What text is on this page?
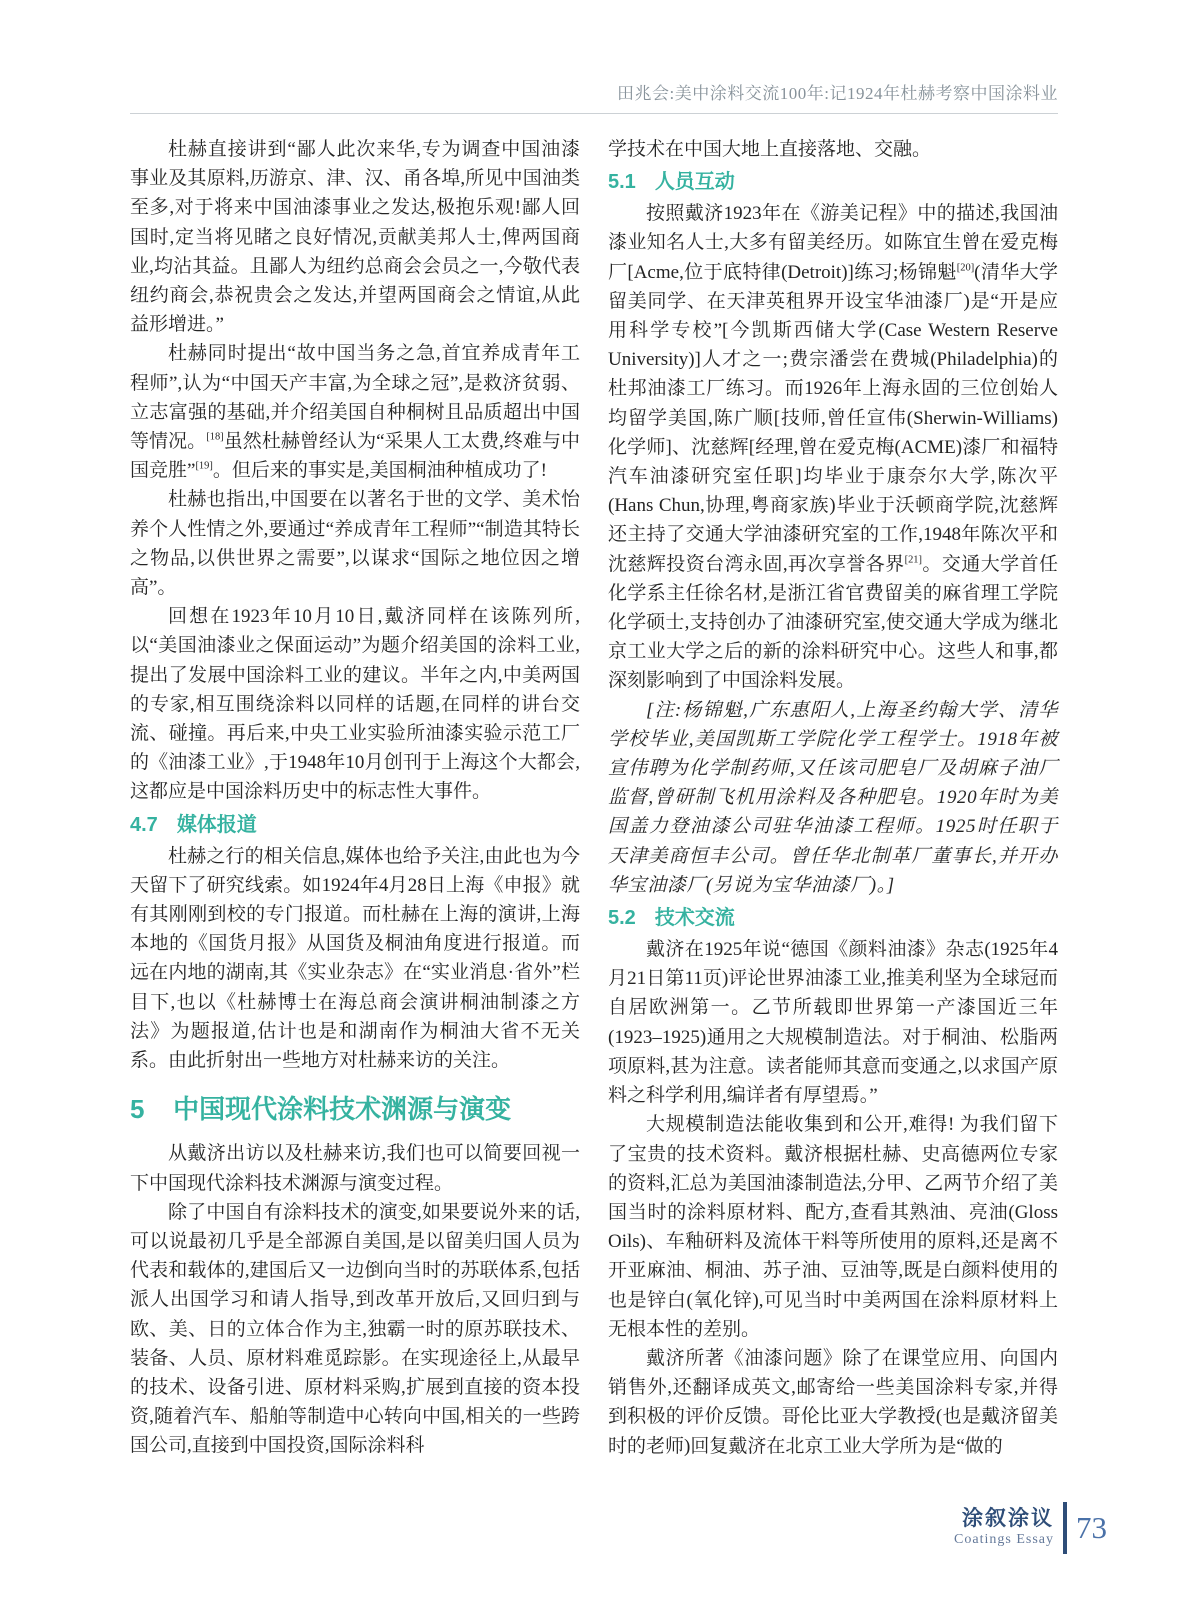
田兆会:美中涂料交流100年:记1924年杜赫考察中国涂料业

杜赫直接讲到“鄙人此次来华,专为调查中国油漆事业及其原料,历游京、津、汉、甬各埠,所见中国油类至多,对于将来中国油漆事业之发达,极抱乐观!鄙人回国时,定当将见睹之良好情况,贡献美邦人士,俾两国商业,均沾其益。且鄙人为纽约总商会会员之一,今敬代表纽约商会,恭祝贵会之发达,并望两国商会之情谊,从此益形增进。”

杜赫同时提出“故中国当务之急,首宜养成青年工程师”,认为“中国天产丰富,为全球之冠”,是救济贫弱、立志富强的基础,并介绍美国自种桐树且品质超出中国等情况。[18]虽然杜赫曾经认为“采果人工太费,终难与中国竞胜”[19]。但后来的事实是,美国桐油种植成功了!

杜赫也指出,中国要在以著名于世的文学、美术怡养个人性情之外,要通过“养成青年工程师”“制造其特长之物品,以供世界之需要”,以谋求“国际之地位因之增高”。

回想在1923年10月10日,戴济同样在该陈列所,以“美国油漆业之保面运动”为题介绍美国的涂料工业,提出了发展中国涂料工业的建议。半年之内,中美两国的专家,相互围绕涂料以同样的话题,在同样的讲台交流、碰撞。再后来,中央工业实验所油漆实验示范工厂的《油漆工业》,于1948年10月创刊于上海这个大都会,这都应是中国涂料历史中的标志性大事件。

4.7 媒体报道

杜赫之行的相关信息,媒体也给予关注,由此也为今天留下了研究线索。如1924年4月28日上海《申报》就有其刚刚到校的专门报道。而杜赫在上海的演讲,上海本地的《国货月报》从国货及桐油角度进行报道。而远在内地的湖南,其《实业杂志》在“实业消息·省外”栏目下,也以《杜赫博士在海总商会演讲桐油制漆之方法》为题报道,估计也是和湖南作为桐油大省不无关系。由此折射出一些地方对杜赫来访的关注。

5 中国现代涂料技术渊源与演变

从戴济出访以及杜赫来访,我们也可以简要回视一下中国现代涂料技术渊源与演变过程。

除了中国自有涂料技术的演变,如果要说外来的话,可以说最初几乎是全部源自美国,是以留美归国人员为代表和载体的,建国后又一边倒向当时的苏联体系,包括派人出国学习和请人指导,到改革开放后,又回归到与欧、美、日的立体合作为主,独霸一时的原苏联技术、装备、人员、原材料难觅踪影。在实现途径上,从最早的技术、设备引进、原材料采购,扩展到直接的资本投资,随着汽车、船舶等制造中心转向中国,相关的一些跨国公司,直接到中国投资,国际涂料科

学技术在中国大地上直接落地、交融。

5.1 人员互动

按照戴济1923年在《游美记程》中的描述,我国油漆业知名人士,大多有留美经历。如陈宜生曾在爱克梅厂[Acme,位于底特律(Detroit)]练习;杨锦魁[20](清华大学留美同学、在天津英租界开设宝华油漆厂)是“开是应用科学专校”[今凯斯西储大学(Case Western Reserve University)]人才之一;费宗潘尝在费城(Philadelphia)的杜邦油漆工厂练习。而1926年上海永固的三位创始人均留学美国,陈广顺[技师,曾任宣伟(Sherwin-Williams)化学师]、沈慈辉[经理,曾在爱克梅(ACME)漆厂和福特汽车油漆研究室任职]均毕业于康奈尔大学,陈次平(Hans Chun,协理,粤商家族)毕业于沃顿商学院,沈慈辉还主持了交通大学油漆研究室的工作,1948年陈次平和沈慈辉投资台湾永固,再次享誉各界[21]。交通大学首任化学系主任徐名材,是浙江省官费留美的麻省理工学院化学硕士,支持创办了油漆研究室,使交通大学成为继北京工业大学之后的新的涂料研究中心。这些人和事,都深刻影响到了中国涂料发展。

[注:杨锦魁,广东惠阳人,上海圣约翰大学、清华学校毕业,美国凯斯工学院化学工程学士。1918年被宣伟聘为化学制药师,又任该司肥皂厂及胡麻子油厂监督,曾研制飞机用涂料及各种肥皂。1920年时为美国盖力登油漆公司驻华油漆工程师。1925时任职于天津美商恒丰公司。曾任华北制革厂董事长,并开办华宝油漆厂(另说为宝华油漆厂)。]

5.2 技术交流

戴济在1925年说“德国《颜料油漆》杂志(1925年4月21日第11页)评论世界油漆工业,推美利坚为全球冠而自居欧洲第一。乙节所载即世界第一产漆国近三年(1923–1925)通用之大规模制造法。对于桐油、松脂两项原料,甚为注意。读者能师其意而变通之,以求国产原料之科学利用,编详者有厚望焉。”

大规模制造法能收集到和公开,难得! 为我们留下了宝贵的技术资料。戴济根据杜赫、史高德两位专家的资料,汇总为美国油漆制造法,分甲、乙两节介绍了美国当时的涂料原材料、配方,查看其熟油、亮油(Gloss Oils)、车釉研料及流体干料等所使用的原料,还是离不开亚麻油、桐油、苏子油、豆油等,既是白颜料使用的也是锌白(氧化锌),可见当时中美两国在涂料原材料上无根本性的差别。

戴济所著《油漆问题》除了在课堂应用、向国内销售外,还翻译成英文,邮寄给一些美国涂料专家,并得到积极的评价反馈。哥伦比亚大学教授(也是戴济留美时的老师)回复戴济在北京工业大学所为是“做的

涂叙涂议
Coatings Essay 73
